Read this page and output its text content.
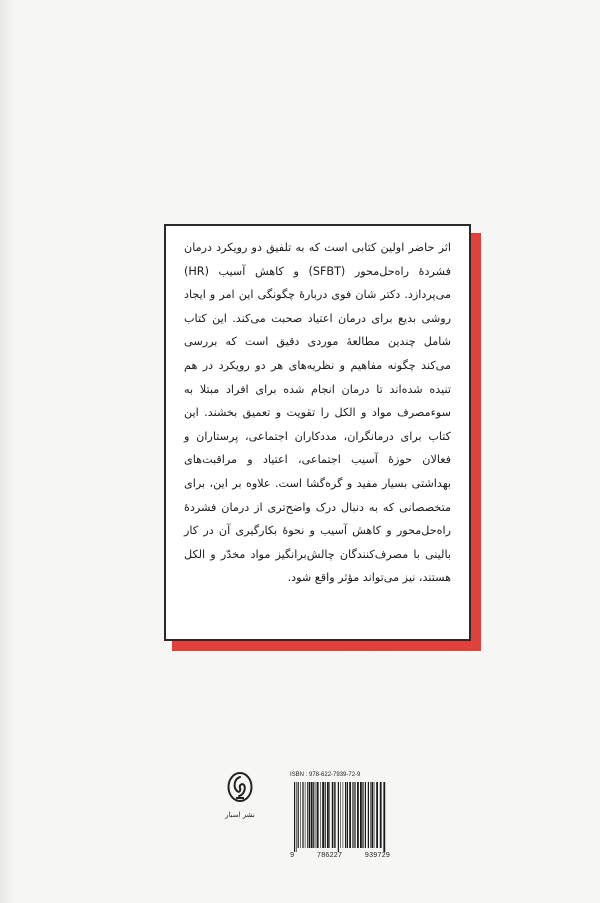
اثر حاضر اولین کتابی است که به تلفیق دو رویکرد درمان فشردهٔ راه‌حل‌محور (SFBT) و کاهش آسیب (HR) می‌پردازد. دکتر شان فوی دربارهٔ چگونگی این امر و ایجاد روشی بدیع برای درمان اعتیاد صحبت می‌کند. این کتاب شامل چندین مطالعهٔ موردی دقیق است که بررسی می‌کند چگونه مفاهیم و نظریه‌های هر دو رویکرد در هم تنیده شده‌اند تا درمان انجام شده برای افراد مبتلا به سوءمصرف مواد و الکل را تقویت و تعمیق بخشند. این کتاب برای درمانگران، مددکاران اجتماعی، پرستاران و فعالان حوزهٔ آسیب اجتماعی، اعتیاد و مراقبت‌های بهداشتی بسیار مفید و گره‌گشا است. علاوه بر این، برای متخصصانی که به دنبال درک واضح‌تری از درمان فشردهٔ راه‌حل‌محور و کاهش آسیب و نحوهٔ بکارگیری آن در کار بالینی با مصرف‌کنندگان چالش‌برانگیز مواد مخدّر و الکل هستند، نیز می‌تواند مؤثر واقع شود.

نشر اسبار
ISBN : 978-622-7939-72-9
9	786227	939729
